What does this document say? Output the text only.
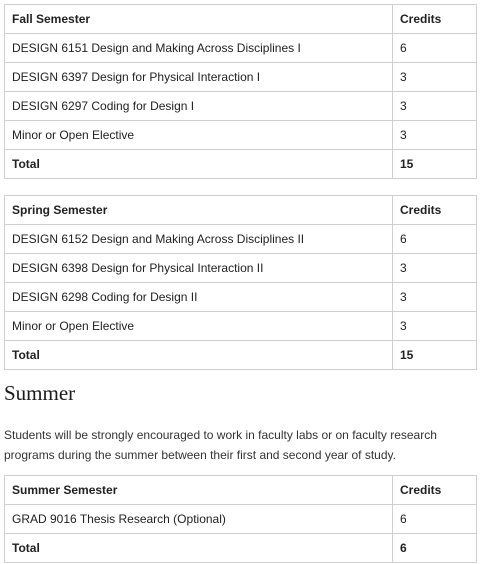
Fall Semester	Credits
DESIGN 6151 Design and Making Across Disciplines I	6
DESIGN 6397 Design for Physical Interaction I	3
DESIGN 6297 Coding for Design I	3
Minor or Open Elective	3
Total	15
Spring Semester	Credits
DESIGN 6152 Design and Making Across Disciplines II	6
DESIGN 6398 Design for Physical Interaction II	3
DESIGN 6298 Coding for Design II	3
Minor or Open Elective	3
Total	15
Summer

Students will be strongly encouraged to work in faculty labs or on faculty research programs during the summer between their first and second year of study.

Summer Semester	Credits
GRAD 9016 Thesis Research (Optional)	6
Total	6
